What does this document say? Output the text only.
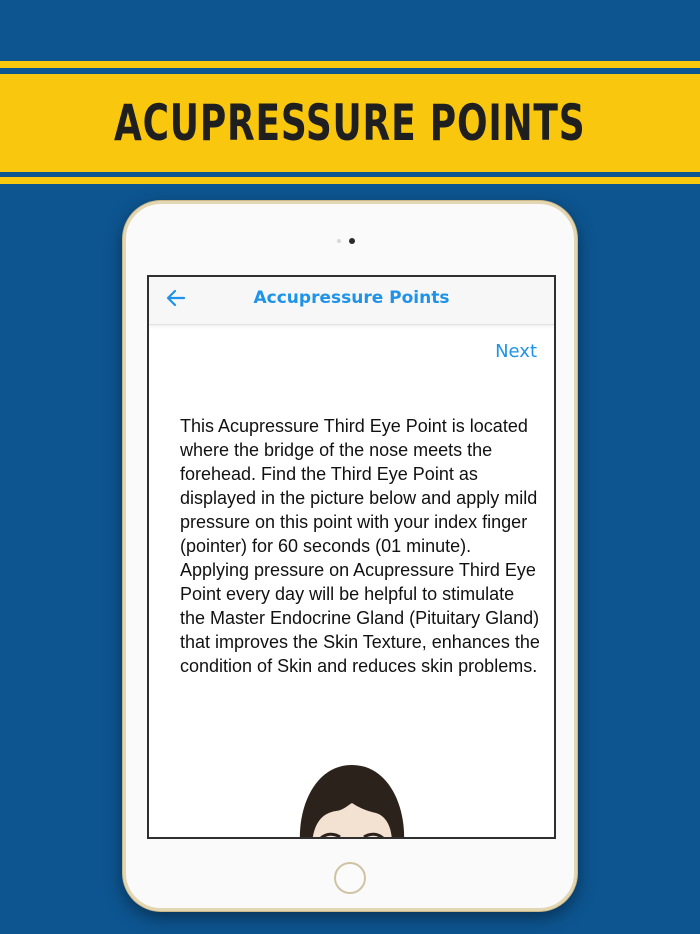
ACUPRESSURE POINTS
Accupressure Points
Next

This Acupressure Third Eye Point is located where the bridge of the nose meets the forehead. Find the Third Eye Point as displayed in the picture below and apply mild pressure on this point with your index finger (pointer) for 60 seconds (01 minute). Applying pressure on Acupressure Third Eye Point every day will be helpful to stimulate the Master Endocrine Gland (Pituitary Gland) that improves the Skin Texture, enhances the condition of Skin and reduces skin problems.
